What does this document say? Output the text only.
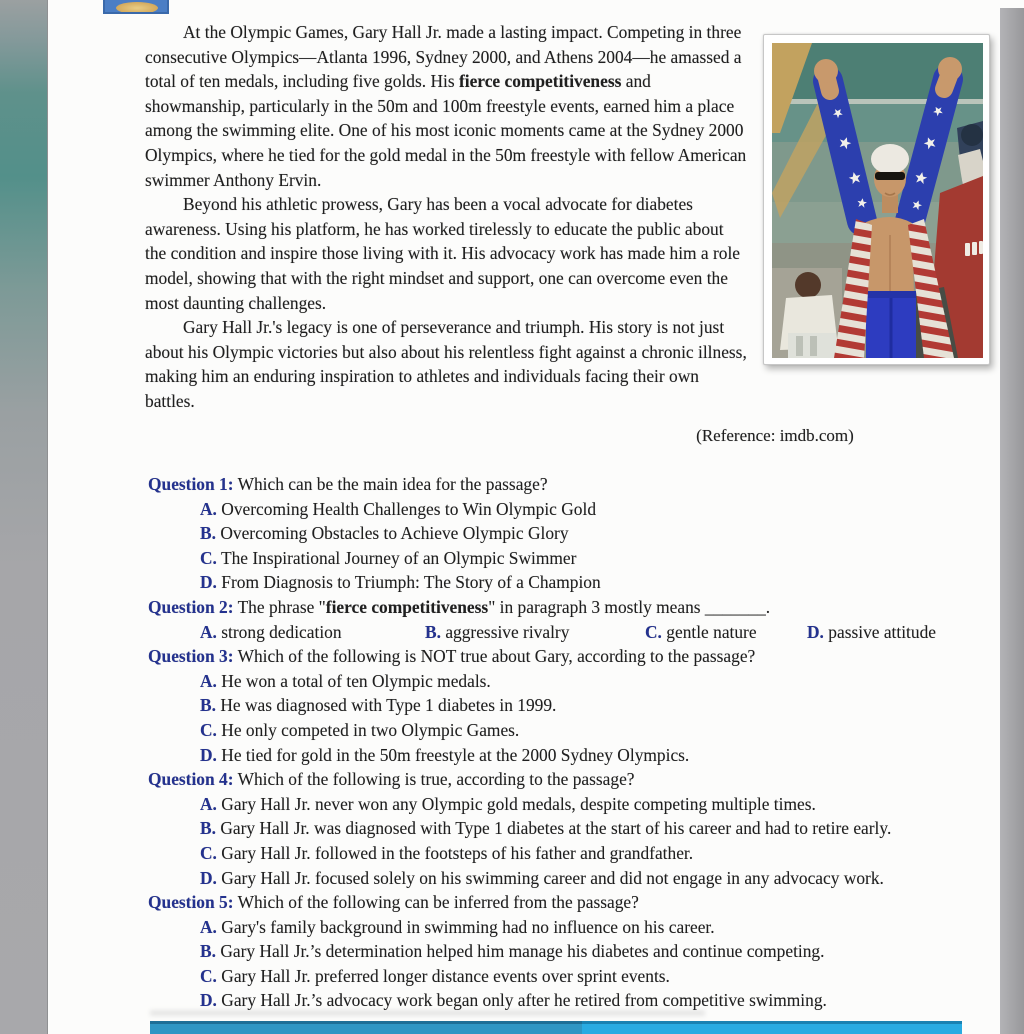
At the Olympic Games, Gary Hall Jr. made a lasting impact. Competing in three consecutive Olympics—Atlanta 1996, Sydney 2000, and Athens 2004—he amassed a total of ten medals, including five golds. His fierce competitiveness and showmanship, particularly in the 50m and 100m freestyle events, earned him a place among the swimming elite. One of his most iconic moments came at the Sydney 2000 Olympics, where he tied for the gold medal in the 50m freestyle with fellow American swimmer Anthony Ervin.

Beyond his athletic prowess, Gary has been a vocal advocate for diabetes awareness. Using his platform, he has worked tirelessly to educate the public about the condition and inspire those living with it. His advocacy work has made him a role model, showing that with the right mindset and support, one can overcome even the most daunting challenges.

Gary Hall Jr.'s legacy is one of perseverance and triumph. His story is not just about his Olympic victories but also about his relentless fight against a chronic illness, making him an enduring inspiration to athletes and individuals facing their own battles.

(Reference: imdb.com)
Question 1: Which can be the main idea for the passage?
A. Overcoming Health Challenges to Win Olympic Gold
B. Overcoming Obstacles to Achieve Olympic Glory
C. The Inspirational Journey of an Olympic Swimmer
D. From Diagnosis to Triumph: The Story of a Champion
Question 2: The phrase "fierce competitiveness" in paragraph 3 mostly means _______.
A. strong dedication	B. aggressive rivalry	C. gentle nature	D. passive attitude
Question 3: Which of the following is NOT true about Gary, according to the passage?
A. He won a total of ten Olympic medals.
B. He was diagnosed with Type 1 diabetes in 1999.
C. He only competed in two Olympic Games.
D. He tied for gold in the 50m freestyle at the 2000 Sydney Olympics.
Question 4: Which of the following is true, according to the passage?
A. Gary Hall Jr. never won any Olympic gold medals, despite competing multiple times.
B. Gary Hall Jr. was diagnosed with Type 1 diabetes at the start of his career and had to retire early.
C. Gary Hall Jr. followed in the footsteps of his father and grandfather.
D. Gary Hall Jr. focused solely on his swimming career and did not engage in any advocacy work.
Question 5: Which of the following can be inferred from the passage?
A. Gary's family background in swimming had no influence on his career.
B. Gary Hall Jr.’s determination helped him manage his diabetes and continue competing.
C. Gary Hall Jr. preferred longer distance events over sprint events.
D. Gary Hall Jr.’s advocacy work began only after he retired from competitive swimming.
